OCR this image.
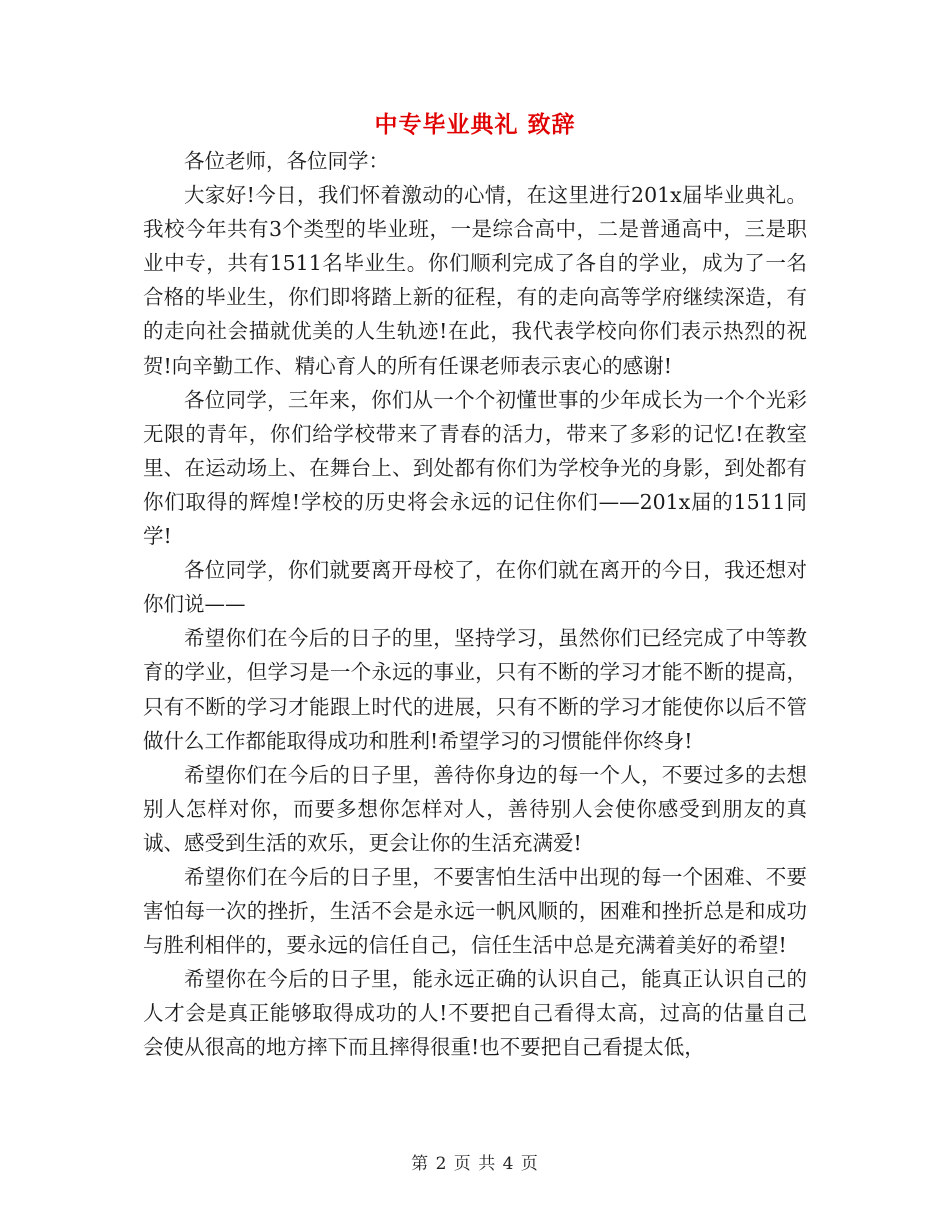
中专毕业典礼 致辞

各位老师，各位同学：

大家好!今日，我们怀着激动的心情，在这里进行201x届毕业典礼。我校今年共有3个类型的毕业班，一是综合高中，二是普通高中，三是职业中专，共有1511名毕业生。你们顺利完成了各自的学业，成为了一名合格的毕业生，你们即将踏上新的征程，有的走向高等学府继续深造，有的走向社会描就优美的人生轨迹!在此，我代表学校向你们表示热烈的祝贺!向辛勤工作、精心育人的所有任课老师表示衷心的感谢!

各位同学，三年来，你们从一个个初懂世事的少年成长为一个个光彩无限的青年，你们给学校带来了青春的活力，带来了多彩的记忆!在教室里、在运动场上、在舞台上、到处都有你们为学校争光的身影，到处都有你们取得的辉煌!学校的历史将会永远的记住你们——201x届的1511同学!

各位同学，你们就要离开母校了，在你们就在离开的今日，我还想对你们说——

希望你们在今后的日子的里，坚持学习，虽然你们已经完成了中等教育的学业，但学习是一个永远的事业，只有不断的学习才能不断的提高，只有不断的学习才能跟上时代的进展，只有不断的学习才能使你以后不管做什么工作都能取得成功和胜利!希望学习的习惯能伴你终身!

希望你们在今后的日子里，善待你身边的每一个人，不要过多的去想别人怎样对你，而要多想你怎样对人，善待别人会使你感受到朋友的真诚、感受到生活的欢乐，更会让你的生活充满爱!

希望你们在今后的日子里，不要害怕生活中出现的每一个困难、不要害怕每一次的挫折，生活不会是永远一帆风顺的，困难和挫折总是和成功与胜利相伴的，要永远的信任自己，信任生活中总是充满着美好的希望!

希望你在今后的日子里，能永远正确的认识自己，能真正认识自己的人才会是真正能够取得成功的人!不要把自己看得太高，过高的估量自己会使从很高的地方摔下而且摔得很重!也不要把自己看提太低，

第 2 页 共 4 页
